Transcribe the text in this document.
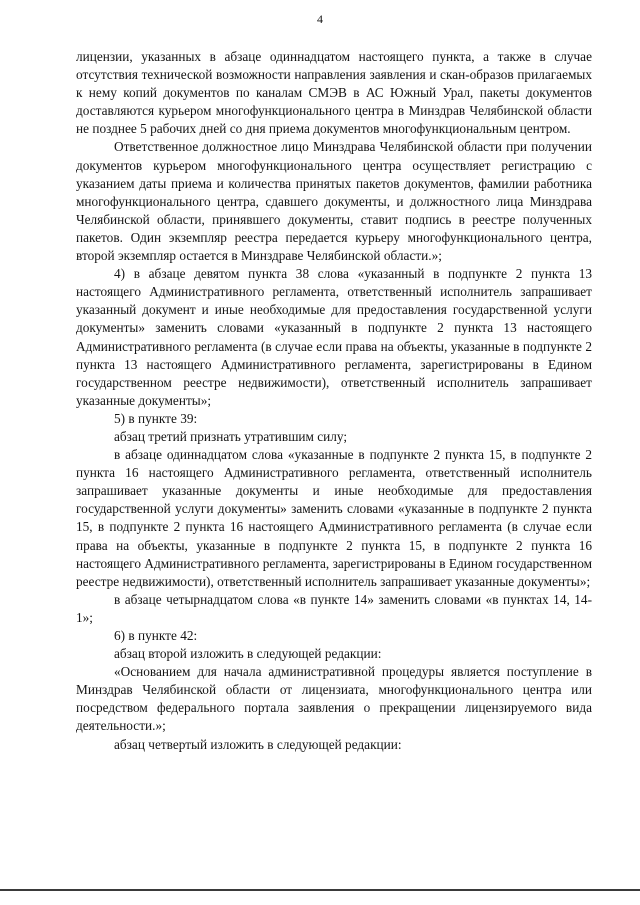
4

лицензии, указанных в абзаце одиннадцатом настоящего пункта, а также в случае отсутствия технической возможности направления заявления и скан-образов прилагаемых к нему копий документов по каналам СМЭВ в АС Южный Урал, пакеты документов доставляются курьером многофункционального центра в Минздрав Челябинской области не позднее 5 рабочих дней со дня приема документов многофункциональным центром.

Ответственное должностное лицо Минздрава Челябинской области при получении документов курьером многофункционального центра осуществляет регистрацию с указанием даты приема и количества принятых пакетов документов, фамилии работника многофункционального центра, сдавшего документы, и должностного лица Минздрава Челябинской области, принявшего документы, ставит подпись в реестре полученных пакетов. Один экземпляр реестра передается курьеру многофункционального центра, второй экземпляр остается в Минздраве Челябинской области.»;

4) в абзаце девятом пункта 38 слова «указанный в подпункте 2 пункта 13 настоящего Административного регламента, ответственный исполнитель запрашивает указанный документ и иные необходимые для предоставления государственной услуги документы» заменить словами «указанный в подпункте 2 пункта 13 настоящего Административного регламента (в случае если права на объекты, указанные в подпункте 2 пункта 13 настоящего Административного регламента, зарегистрированы в Едином государственном реестре недвижимости), ответственный исполнитель запрашивает указанные документы»;

5) в пункте 39:

абзац третий признать утратившим силу;

в абзаце одиннадцатом слова «указанные в подпункте 2 пункта 15, в подпункте 2 пункта 16 настоящего Административного регламента, ответственный исполнитель запрашивает указанные документы и иные необходимые для предоставления государственной услуги документы» заменить словами «указанные в подпункте 2 пункта 15, в подпункте 2 пункта 16 настоящего Административного регламента (в случае если права на объекты, указанные в подпункте 2 пункта 15, в подпункте 2 пункта 16 настоящего Административного регламента, зарегистрированы в Едином государственном реестре недвижимости), ответственный исполнитель запрашивает указанные документы»;

в абзаце четырнадцатом слова «в пункте 14» заменить словами «в пунктах 14, 14-1»;

6) в пункте 42:

абзац второй изложить в следующей редакции:

«Основанием для начала административной процедуры является поступление в Минздрав Челябинской области от лицензиата, многофункционального центра или посредством федерального портала заявления о прекращении лицензируемого вида деятельности.»;

абзац четвертый изложить в следующей редакции:
